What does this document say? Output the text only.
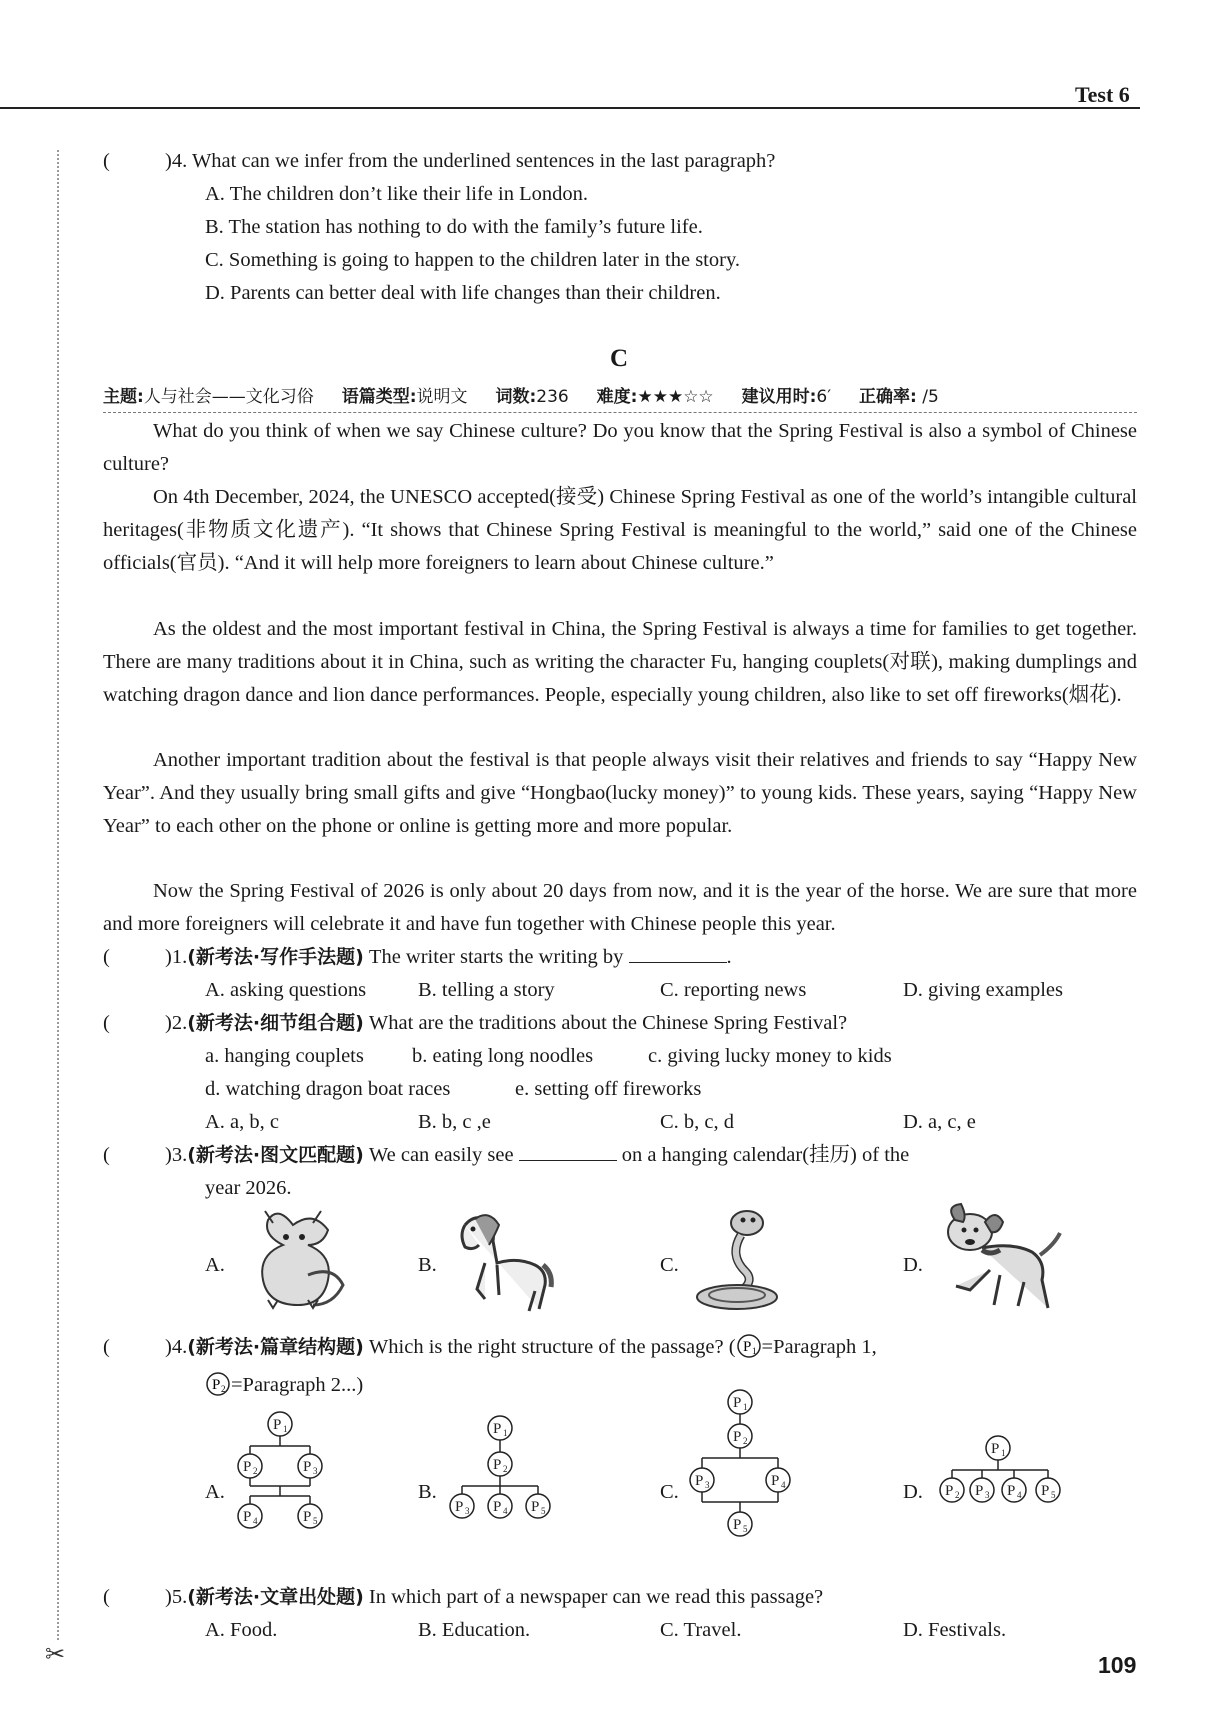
Test 6
✂	109
(	)4. What can we infer from the underlined sentences in the last paragraph?
A. The children don’t like their life in London.
B. The station has nothing to do with the family’s future life.
C. Something is going to happen to the children later in the story.
D. Parents can better deal with life changes than their children.
C
主题:人与社会——文化习俗 语篇类型:说明文 词数:236 难度:★★★☆☆ 建议用时:6′ 正确率: /5
What do you think of when we say Chinese culture? Do you know that the Spring Festival is also a symbol of Chinese culture?
On 4th December, 2024, the UNESCO accepted(接受) Chinese Spring Festival as one of the world’s intangible cultural heritages(非物质文化遗产). “It shows that Chinese Spring Festival is meaningful to the world,” said one of the Chinese officials(官员). “And it will help more foreigners to learn about Chinese culture.”
As the oldest and the most important festival in China, the Spring Festival is always a time for families to get together. There are many traditions about it in China, such as writing the character Fu, hanging couplets(对联), making dumplings and watching dragon dance and lion dance performances. People, especially young children, also like to set off fireworks(烟花).
Another important tradition about the festival is that people always visit their relatives and friends to say “Happy New Year”. And they usually bring small gifts and give “Hongbao(lucky money)” to young kids. These years, saying “Happy New Year” to each other on the phone or online is getting more and more popular.
Now the Spring Festival of 2026 is only about 20 days from now, and it is the year of the horse. We are sure that more and more foreigners will celebrate it and have fun together with Chinese people this year.
(	)1.(新考法·写作手法题) The writer starts the writing by	.
A. asking questions	B. telling a story	C. reporting news	D. giving examples
(	)2.(新考法·细节组合题) What are the traditions about the Chinese Spring Festival?
a. hanging couplets b. eating long noodles	c. giving lucky money to kids
d. watching dragon boat races	e. setting off fireworks
A. a, b, c	B. b, c ,e	C. b, c, d	D. a, c, e
(	)3.(新考法·图文匹配题) We can easily see	on a hanging calendar(挂历) of the
year 2026.
A.	B.	C.	D.
(	)4.(新考法·篇章结构题) Which is the right structure of the passage? ( P 1 =Paragraph 1,
P 2 =Paragraph 2...)
A.	B.	C.	D.
P 1
P 2	P 3
P 4	P 5
P 1
P 2
P 3 P 4 P 5
P 1
P 2
P 3	P 4
P 5
P 1
P 2 P 3 P 4 P 5
(	)5.(新考法·文章出处题) In which part of a newspaper can we read this passage?
A. Food.	B. Education.	C. Travel.	D. Festivals.
